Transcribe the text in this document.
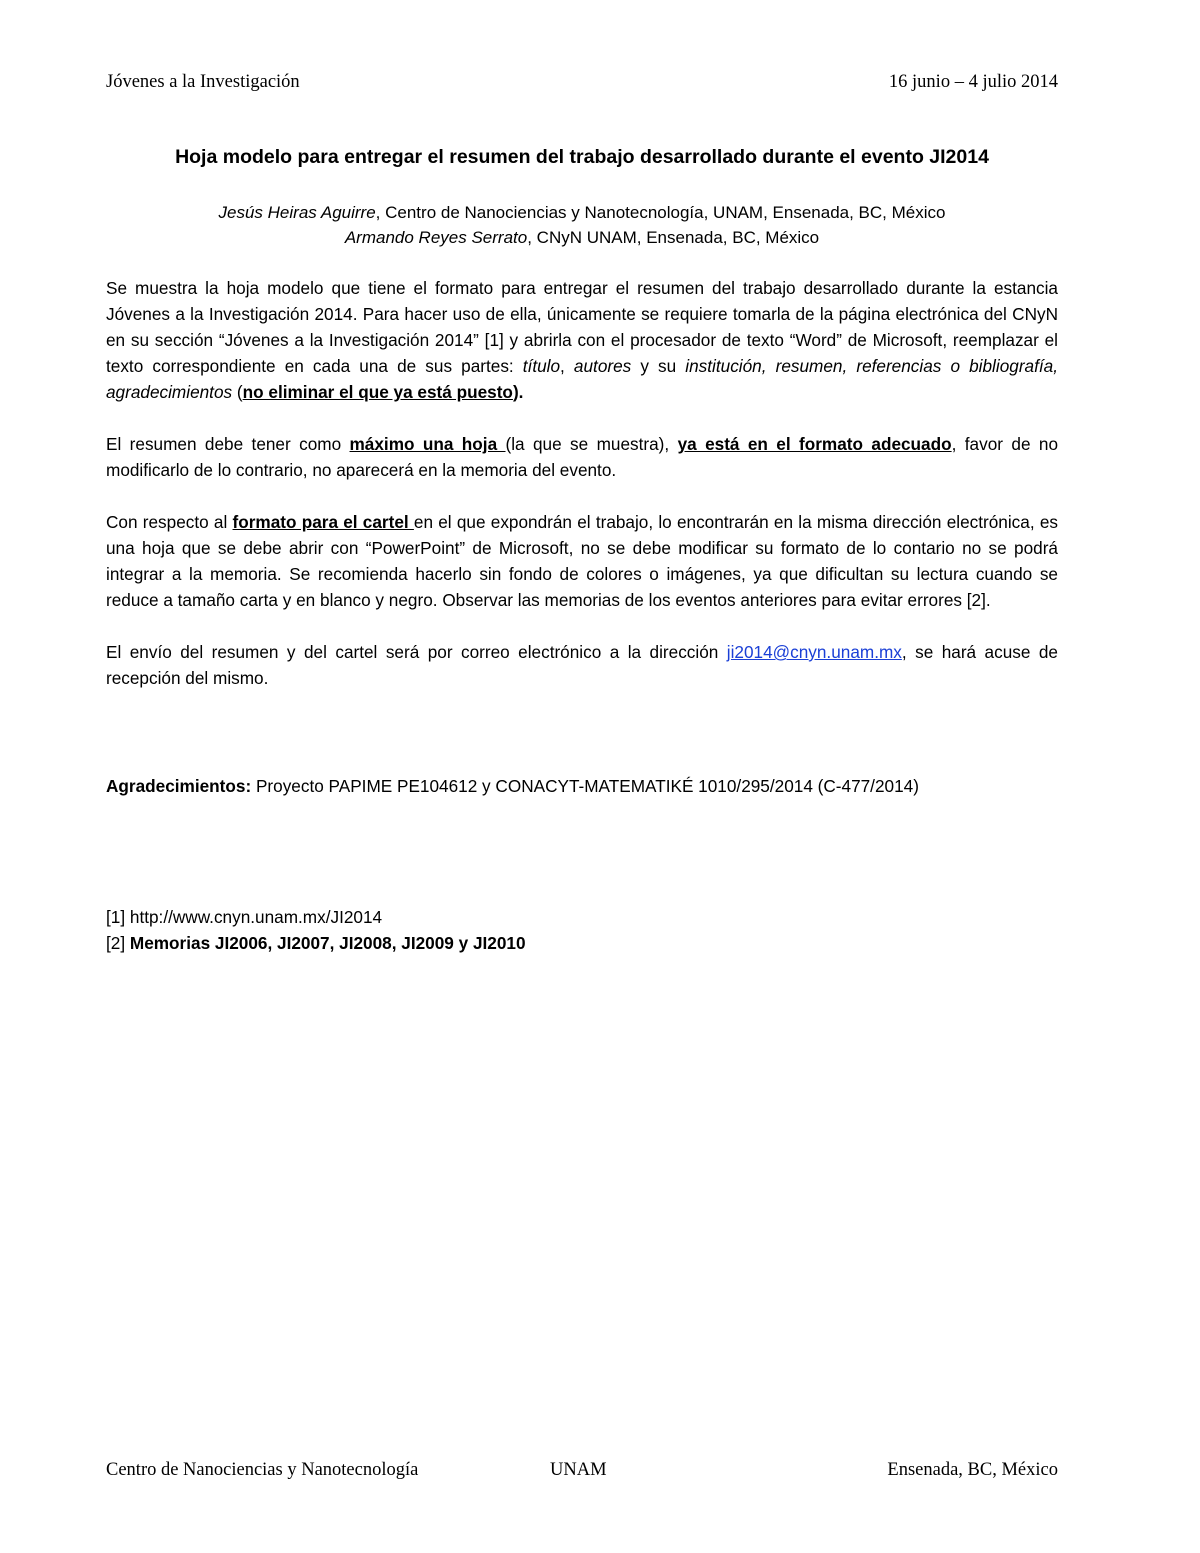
Jóvenes a la Investigación	16 junio – 4 julio 2014
Hoja modelo para entregar el resumen del trabajo desarrollado durante el evento JI2014
Jesús Heiras Aguirre, Centro de Nanociencias y Nanotecnología, UNAM, Ensenada, BC, México
Armando Reyes Serrato, CNyN UNAM, Ensenada, BC, México

Se muestra la hoja modelo que tiene el formato para entregar el resumen del trabajo desarrollado durante la estancia Jóvenes a la Investigación 2014. Para hacer uso de ella, únicamente se requiere tomarla de la página electrónica del CNyN en su sección “Jóvenes a la Investigación 2014” [1] y abrirla con el procesador de texto “Word” de Microsoft, reemplazar el texto correspondiente en cada una de sus partes: título, autores y su institución, resumen, referencias o bibliografía, agradecimientos (no eliminar el que ya está puesto).

El resumen debe tener como máximo una hoja (la que se muestra), ya está en el formato adecuado, favor de no modificarlo de lo contrario, no aparecerá en la memoria del evento.

Con respecto al formato para el cartel en el que expondrán el trabajo, lo encontrarán en la misma dirección electrónica, es una hoja que se debe abrir con “PowerPoint” de Microsoft, no se debe modificar su formato de lo contario no se podrá integrar a la memoria. Se recomienda hacerlo sin fondo de colores o imágenes, ya que dificultan su lectura cuando se reduce a tamaño carta y en blanco y negro. Observar las memorias de los eventos anteriores para evitar errores [2].

El envío del resumen y del cartel será por correo electrónico a la dirección ji2014@cnyn.unam.mx, se hará acuse de recepción del mismo.

Agradecimientos: Proyecto PAPIME PE104612 y CONACYT-MATEMATIKÉ 1010/295/2014 (C-477/2014)
[1] http://www.cnyn.unam.mx/JI2014
[2] Memorias JI2006, JI2007, JI2008, JI2009 y JI2010
Centro de Nanociencias y Nanotecnología	UNAM	Ensenada, BC, México
